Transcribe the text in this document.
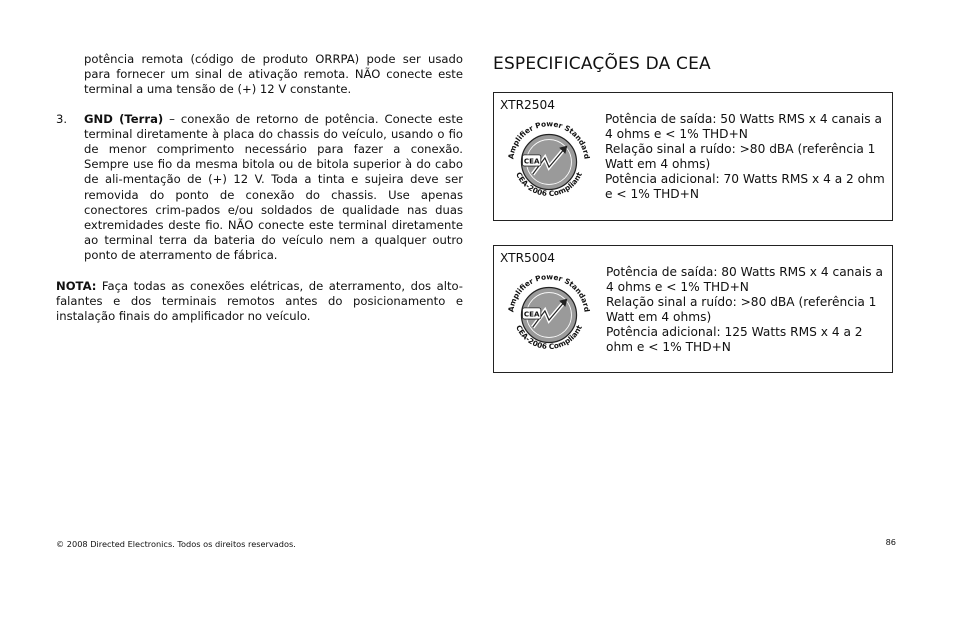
potência remota (código de produto ORRPA) pode ser usado para fornecer um sinal de ativação remota. NÃO conecte este terminal a uma tensão de (+) 12 V constante.

3.	GND (Terra) – conexão de retorno de potência. Conecte este terminal diretamente à placa do chassis do veículo, usando o fio de menor comprimento necessário para fazer a conexão. Sempre use fio da mesma bitola ou de bitola superior à do cabo de ali-mentação de (+) 12 V. Toda a tinta e sujeira deve ser removida do ponto de conexão do chassis. Use apenas conectores crim-pados e/ou soldados de qualidade nas duas extremidades deste fio. NÃO conecte este terminal diretamente ao terminal terra da bateria do veículo nem a qualquer outro ponto de aterramento de fábrica.

NOTA: Faça todas as conexões elétricas, de aterramento, dos alto-falantes e dos terminais remotos antes do posicionamento e instalação finais do amplificador no veículo.

ESPECIFICAÇÕES DA CEA
XTR2504
CEA
Amplifier Power Standard
CEA-2006 Compliant

Potência de saída: 50 Watts RMS x 4 canais a 4 ohms e < 1% THD+N

Relação sinal a ruído: >80 dBA (referência 1 Watt em 4 ohms)

Potência adicional: 70 Watts RMS x 4 a 2 ohm e < 1% THD+N

XTR5004
CEA
Amplifier Power Standard
CEA-2006 Compliant

Potência de saída: 80 Watts RMS x 4 canais a 4 ohms e < 1% THD+N

Relação sinal a ruído: >80 dBA (referência 1 Watt em 4 ohms)

Potência adicional: 125 Watts RMS x 4 a 2 ohm e < 1% THD+N

© 2008 Directed Electronics. Todos os direitos reservados.	86
